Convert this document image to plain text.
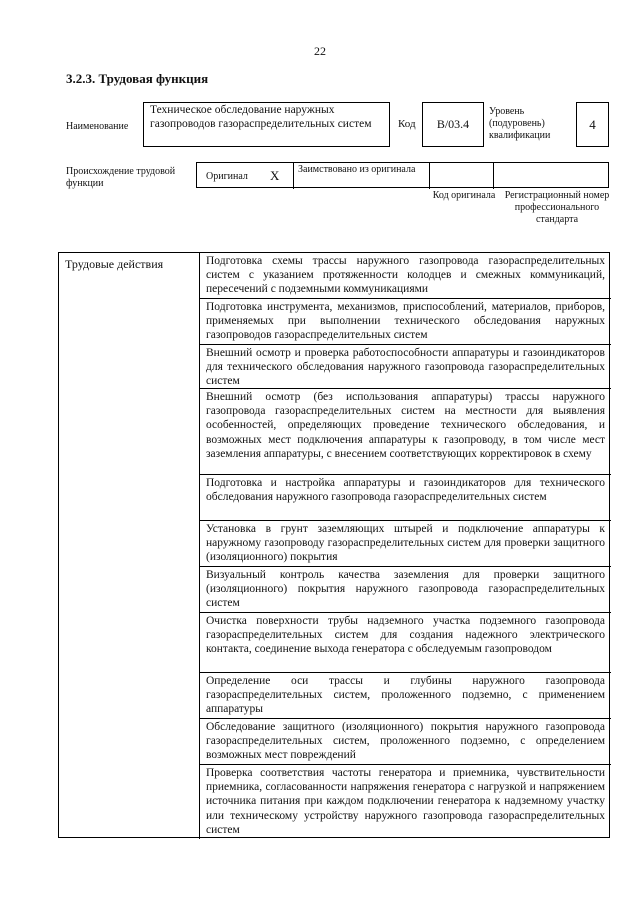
22
3.2.3. Трудовая функция
Наименование
Техническое обследование наружных газопроводов газораспределительных систем	Код	B/03.4
Уровень (подуровень) квалификации
4
Происхождение трудовой функции
Оригинал X Заимствовано из оригинала
Код оригинала Регистрационный номер профессионального стандарта
Трудовые действия	Подготовка схемы трассы наружного газопровода газораспределительных систем с указанием протяженности колодцев и смежных коммуникаций, пересечений с подземными коммуникациями
Подготовка инструмента, механизмов, приспособлений, материалов, приборов, применяемых при выполнении технического обследования наружных газопроводов газораспределительных систем
Внешний осмотр и проверка работоспособности аппаратуры и газоиндикаторов для технического обследования наружного газопровода газораспределительных систем
Внешний осмотр (без использования аппаратуры) трассы наружного газопровода газораспределительных систем на местности для выявления особенностей, определяющих проведение технического обследования, и возможных мест подключения аппаратуры к газопроводу, в том числе мест заземления аппаратуры, с внесением соответствующих корректировок в схему
Подготовка и настройка аппаратуры и газоиндикаторов для технического обследования наружного газопровода газораспределительных систем
Установка в грунт заземляющих штырей и подключение аппаратуры к наружному газопроводу газораспределительных систем для проверки защитного (изоляционного) покрытия
Визуальный контроль качества заземления для проверки защитного (изоляционного) покрытия наружного газопровода газораспределительных систем
Очистка поверхности трубы надземного участка подземного газопровода газораспределительных систем для создания надежного электрического контакта, соединение выхода генератора с обследуемым газопроводом
Определение оси трассы и глубины наружного газопровода газораспределительных систем, проложенного подземно, с применением аппаратуры
Обследование защитного (изоляционного) покрытия наружного газопровода газораспределительных систем, проложенного подземно, с определением возможных мест повреждений
Проверка соответствия частоты генератора и приемника, чувствительности приемника, согласованности напряжения генератора с нагрузкой и напряжением источника питания при каждом подключении генератора к надземному участку или техническому устройству наружного газопровода газораспределительных систем
